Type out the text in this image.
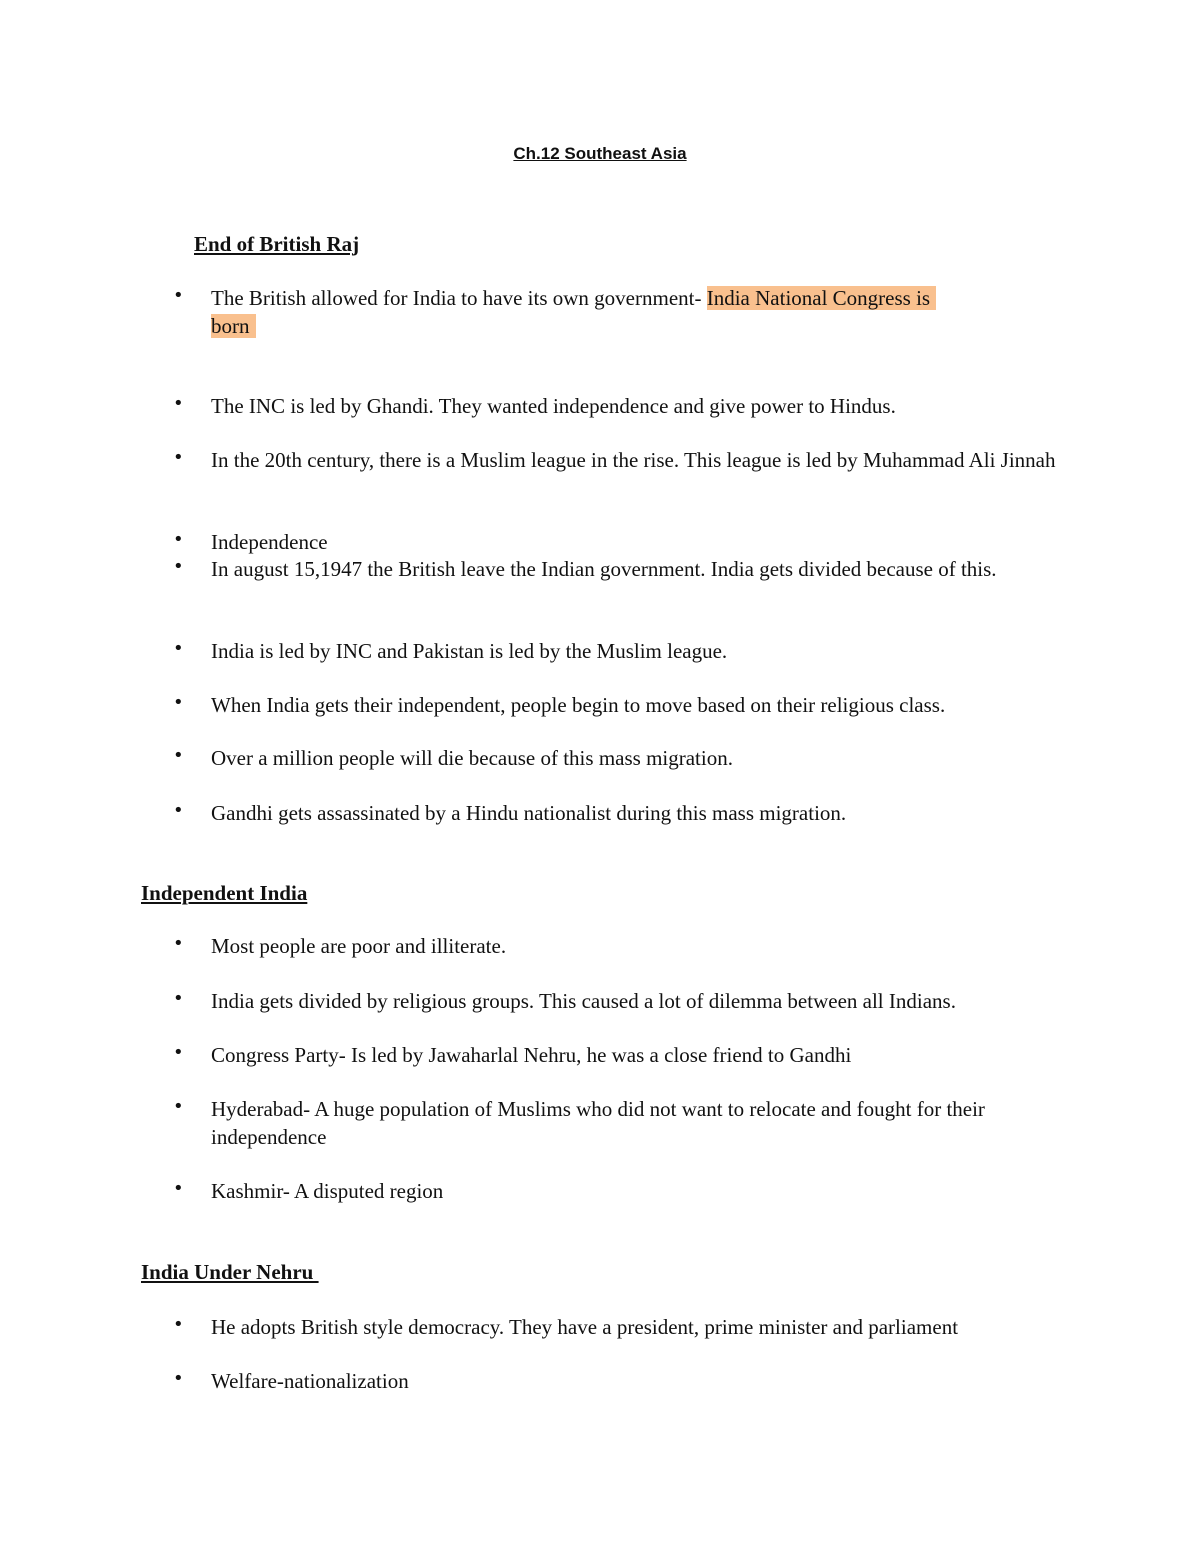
Ch.12 Southeast Asia
End of British Raj
• The British allowed for India to have its own government- India National Congress is
born
• The INC is led by Ghandi. They wanted independence and give power to Hindus.
• In the 20th century, there is a Muslim league in the rise. This league is led by Muhammad Ali Jinnah
• Independence
• In august 15,1947 the British leave the Indian government. India gets divided because of this.
• India is led by INC and Pakistan is led by the Muslim league.
• When India gets their independent, people begin to move based on their religious class.
• Over a million people will die because of this mass migration.
• Gandhi gets assassinated by a Hindu nationalist during this mass migration.
Independent India
• Most people are poor and illiterate.
• India gets divided by religious groups. This caused a lot of dilemma between all Indians.
• Congress Party- Is led by Jawaharlal Nehru, he was a close friend to Gandhi
• Hyderabad- A huge population of Muslims who did not want to relocate and fought for their independence
• Kashmir- A disputed region
India Under Nehru
• He adopts British style democracy. They have a president, prime minister and parliament
• Welfare-nationalization
